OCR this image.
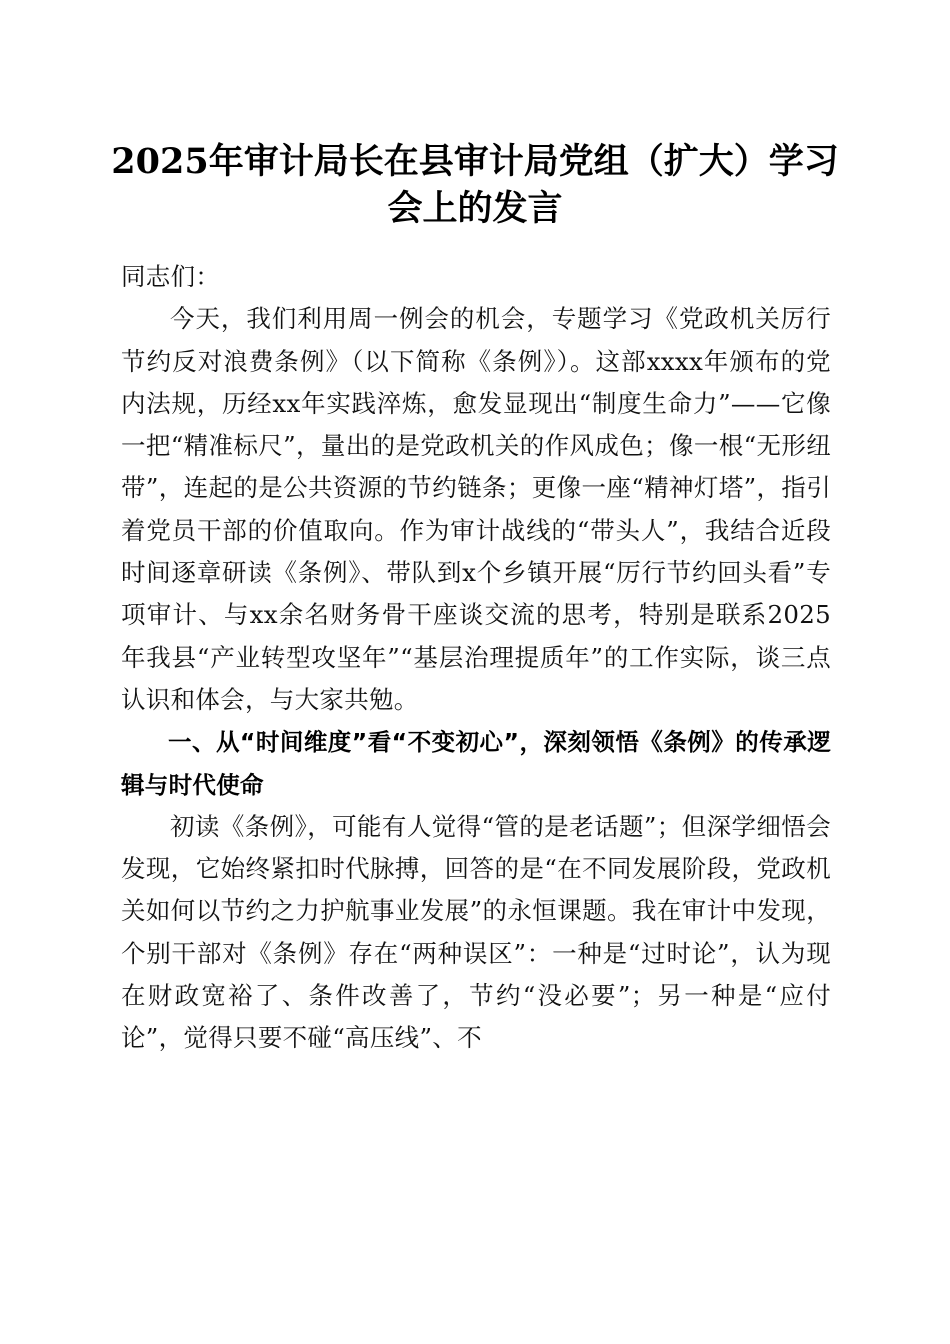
2025年审计局长在县审计局党组（扩大）学习会上的发言

同志们：

今天，我们利用周一例会的机会，专题学习《党政机关厉行节约反对浪费条例》（以下简称《条例》）。这部xxxx年颁布的党内法规，历经xx年实践淬炼，愈发显现出“制度生命力”——它像一把“精准标尺”，量出的是党政机关的作风成色；像一根“无形纽带”，连起的是公共资源的节约链条；更像一座“精神灯塔”，指引着党员干部的价值取向。作为审计战线的“带头人”，我结合近段时间逐章研读《条例》、带队到x个乡镇开展“厉行节约回头看”专项审计、与xx余名财务骨干座谈交流的思考，特别是联系2025年我县“产业转型攻坚年”“基层治理提质年”的工作实际，谈三点认识和体会，与大家共勉。

一、从“时间维度”看“不变初心”，深刻领悟《条例》的传承逻辑与时代使命

初读《条例》，可能有人觉得“管的是老话题”；但深学细悟会发现，它始终紧扣时代脉搏，回答的是“在不同发展阶段，党政机关如何以节约之力护航事业发展”的永恒课题。我在审计中发现，个别干部对《条例》存在“两种误区”：一种是“过时论”，认为现在财政宽裕了、条件改善了，节约“没必要”；另一种是“应付论”，觉得只要不碰“高压线”、不
